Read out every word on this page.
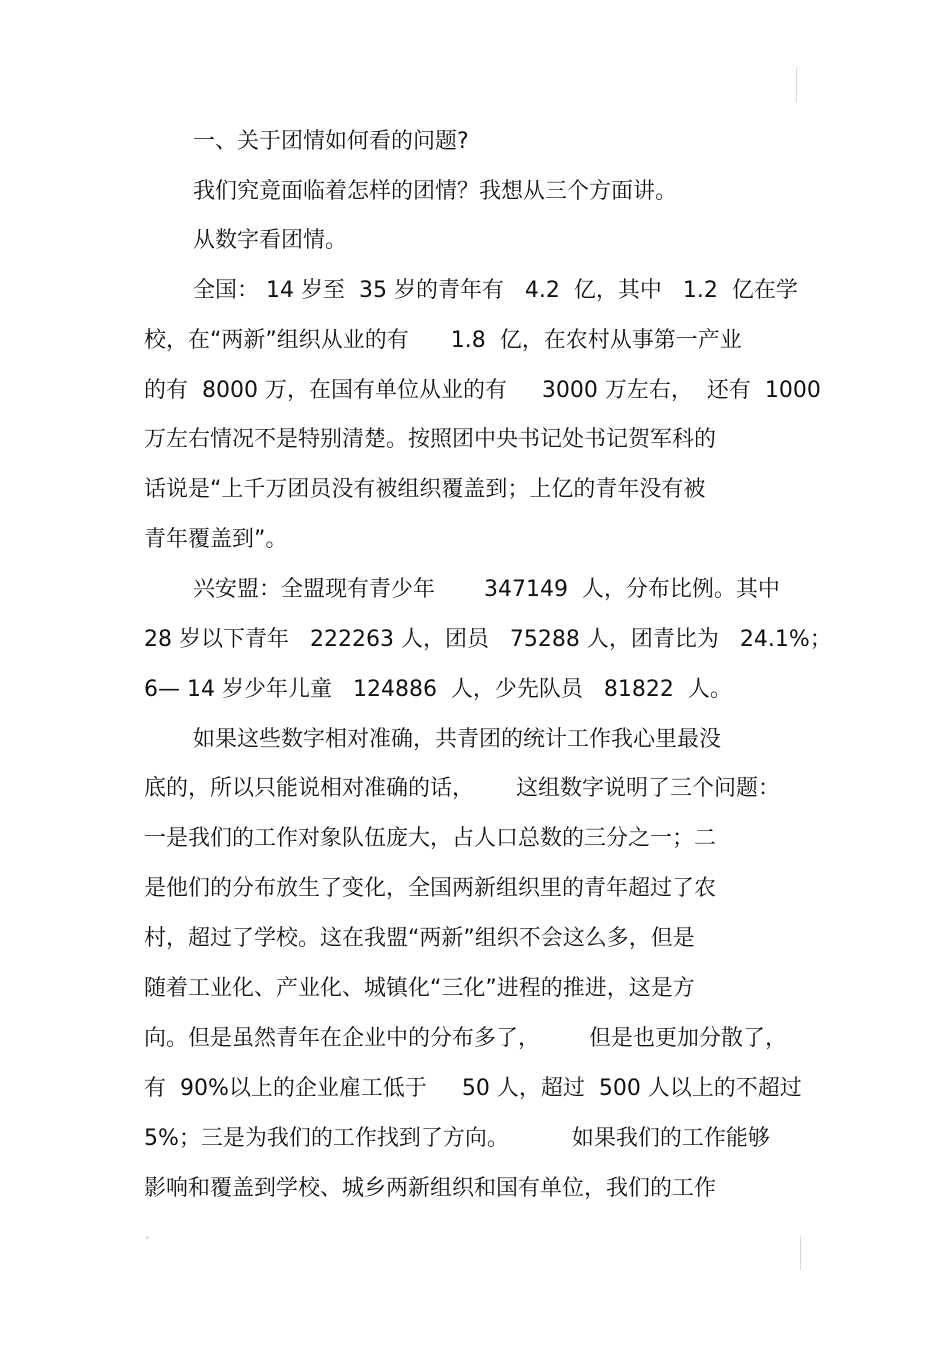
一、关于团情如何看的问题?
我们究竟面临着怎样的团情？我想从三个方面讲。
从数字看团情。
全国： 14 岁至  35 岁的青年有   4.2  亿，其中   1.2  亿在学
校，在“两新”组织从业的有      1.8  亿，在农村从事第一产业
的有  8000 万，在国有单位从业的有     3000 万左右，  还有  1000
万左右情况不是特别清楚。按照团中央书记处书记贺军科的
话说是“上千万团员没有被组织覆盖到；上亿的青年没有被
青年覆盖到”。
兴安盟：全盟现有青少年       347149  人，分布比例。其中
28 岁以下青年   222263 人，团员   75288 人，团青比为   24.1%；
6— 14 岁少年儿童   124886  人，少先队员   81822  人。
如果这些数字相对准确，共青团的统计工作我心里最没
底的，所以只能说相对准确的话，      这组数字说明了三个问题：
一是我们的工作对象队伍庞大，占人口总数的三分之一；二
是他们的分布放生了变化，全国两新组织里的青年超过了农
村，超过了学校。这在我盟“两新”组织不会这么多，但是
随着工业化、产业化、城镇化“三化”进程的推进，这是方
向。但是虽然青年在企业中的分布多了，       但是也更加分散了，
有  90%以上的企业雇工低于     50 人，超过  500 人以上的不超过
5%；三是为我们的工作找到了方向。         如果我们的工作能够
影响和覆盖到学校、城乡两新组织和国有单位，我们的工作
